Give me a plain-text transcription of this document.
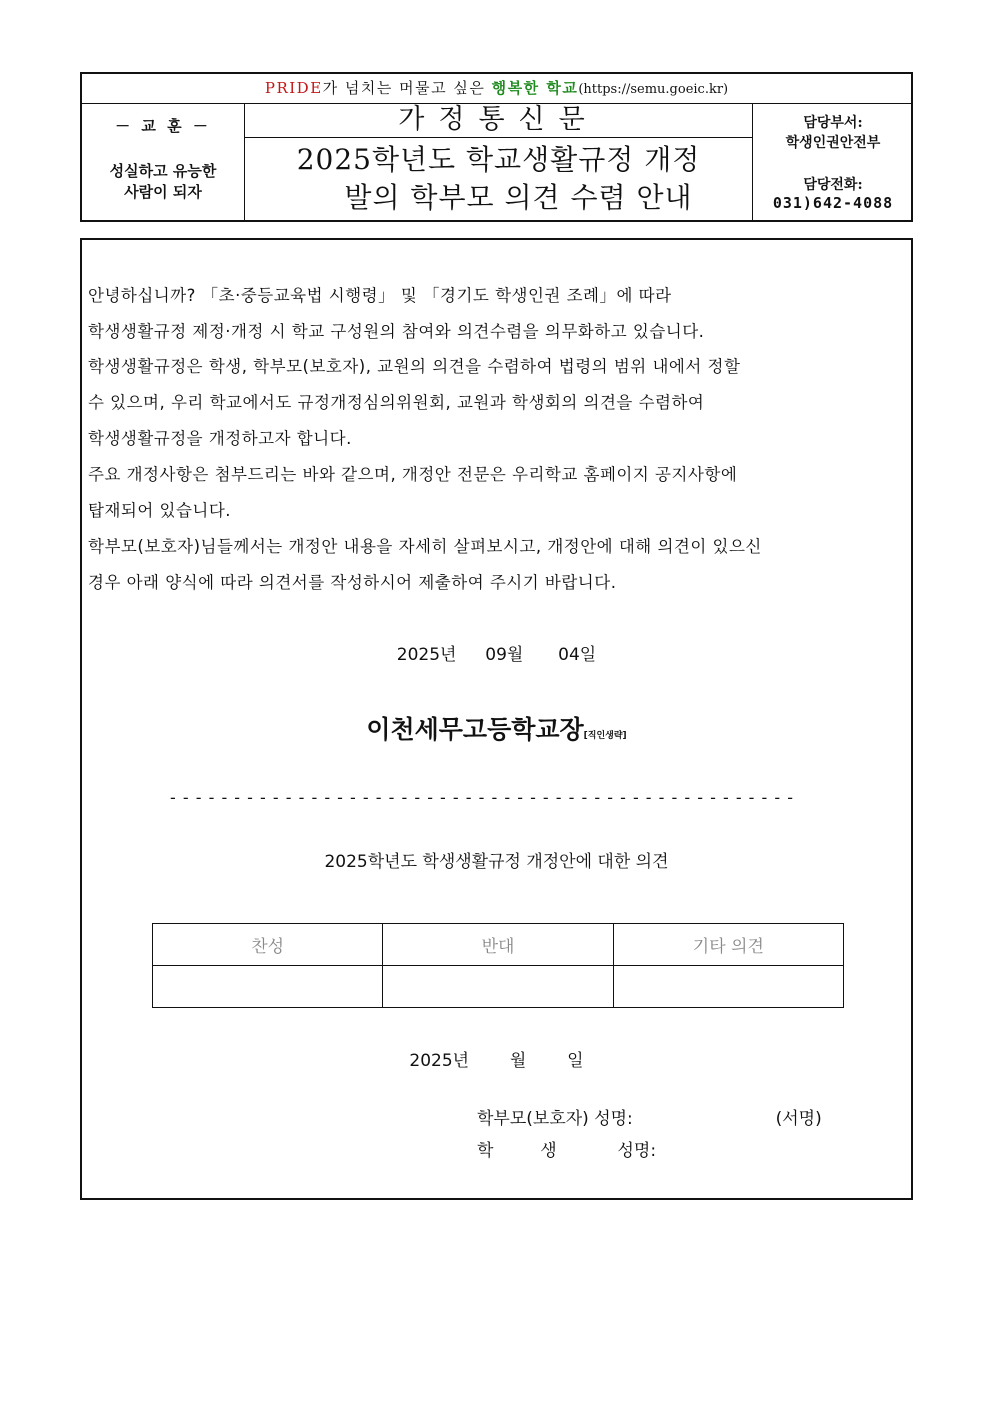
PRIDE가 넘치는 머물고 싶은 행복한 학교(https://semu.goeic.kr)
－ 교 훈 －
성실하고 유능한
사람이 되자
가정통신문
2025학년도 학교생활규정 개정
발의 학부모 의견 수렴 안내
담당부서:
학생인권안전부
담당전화:
031)642-4088
안녕하십니까? 「초·중등교육법 시행령」 및 「경기도 학생인권 조례」에 따라
학생생활규정 제정·개정 시 학교 구성원의 참여와 의견수렴을 의무화하고 있습니다.
학생생활규정은 학생, 학부모(보호자), 교원의 의견을 수렴하여 법령의 범위 내에서 정할
수 있으며, 우리 학교에서도 규정개정심의위원회, 교원과 학생회의 의견을 수렴하여
학생생활규정을 개정하고자 합니다.
주요 개정사항은 첨부드리는 바와 같으며, 개정안 전문은 우리학교 홈페이지 공지사항에
탑재되어 있습니다.
학부모(보호자)님들께서는 개정안 내용을 자세히 살펴보시고, 개정안에 대해 의견이 있으신
경우 아래 양식에 따라 의견서를 작성하시어 제출하여 주시기 바랍니다.
2025년 09월 04일
이천세무고등학교장[직인생략]
- - - - - - - - - - - - - - - - - - - - - - - - - - - - - - - - - - - - - - - - - - - - - - - - -
2025학년도 학생생활규정 개정안에 대한 의견
찬성	반대	기타 의견

2025년 월 일
학부모(보호자) 성명:	(서명)
학	생	성명:
